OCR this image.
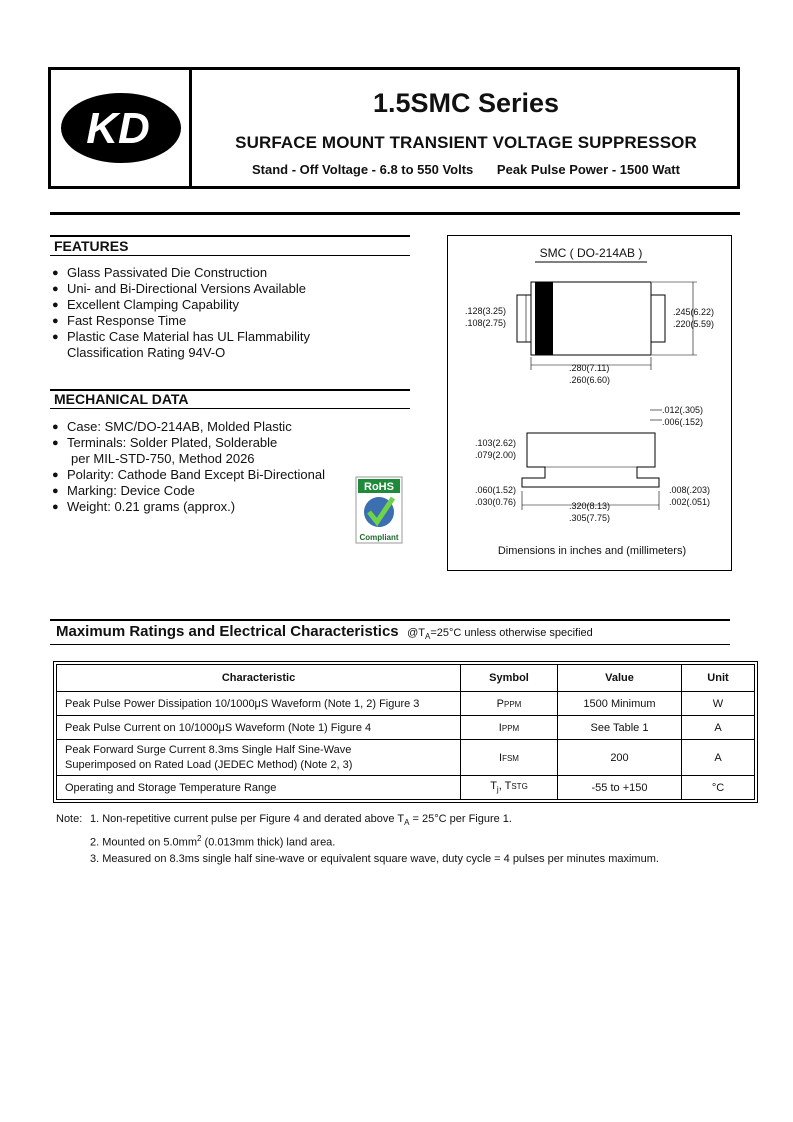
KD
1.5SMC Series
SURFACE MOUNT TRANSIENT VOLTAGE SUPPRESSOR
Stand - Off Voltage - 6.8 to 550 Volts Peak Pulse Power - 1500 Watt
FEATURES
● Glass Passivated Die Construction
● Uni- and Bi-Directional Versions Available
● Excellent Clamping Capability
● Fast Response Time
● Plastic Case Material has UL Flammability
Classification Rating 94V-O
MECHANICAL DATA
● Case: SMC/DO-214AB, Molded Plastic
● Terminals: Solder Plated, Solderable
per MIL-STD-750, Method 2026
● Polarity: Cathode Band Except Bi-Directional
● Marking: Device Code
● Weight: 0.21 grams (approx.)
RoHS
Compliant
SMC ( DO-214AB )
.128(3.25)
.108(2.75)
.245(6.22)
.220(5.59)
.280(7.11)
.260(6.60)
.012(.305)
.006(.152)
.103(2.62)
.079(2.00)
.060(1.52)
.030(0.76)	.320(8.13)
.305(7.75)
.008(.203)
.002(.051)
Dimensions in inches and (millimeters)
Maximum Ratings and Electrical Characteristics $@T_A=25^\circ C$ unless otherwise specified
Characteristic	Symbol	Value	Unit
Peak Pulse Power Dissipation 10/1000μS Waveform (Note 1, 2) Figure 3	PPPM	1500 Minimum	W
Peak Pulse Current on 10/1000μS Waveform (Note 1) Figure 4	IPPM	See Table 1	A

Peak Forward Surge Current 8.3ms Single Half Sine-Wave
Superimposed on Rated Load (JEDEC Method) (Note 2, 3)	IFSM	200	A
Operating and Storage Temperature Range	$T_j$, TSTG	-55 to +150	°C
Note: 1. Non-repetitive current pulse per Figure 4 and derated above $T_A = 25^\circ C$ per Figure 1.
2. Mounted on $5.0mm^2$ (0.013mm thick) land area.
3. Measured on 8.3ms single half sine-wave or equivalent square wave, duty cycle = 4 pulses per minutes maximum.
